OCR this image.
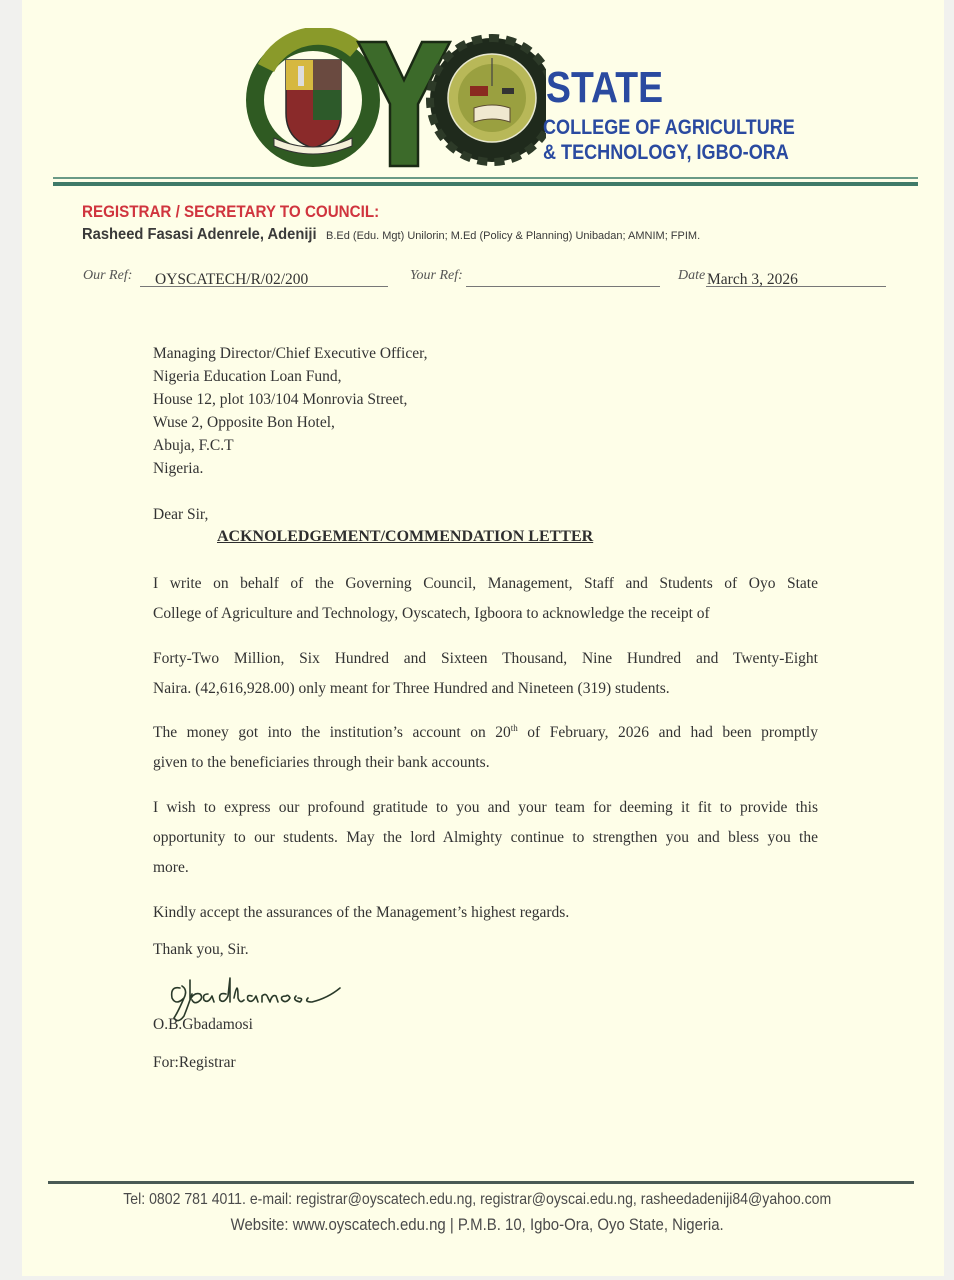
STATE
COLLEGE OF AGRICULTURE
& TECHNOLOGY, IGBO-ORA
REGISTRAR / SECRETARY TO COUNCIL:
Rasheed Fasasi Adenrele, Adeniji B.Ed (Edu. Mgt) Unilorin; M.Ed (Policy & Planning) Unibadan; AMNIM; FPIM.
Our Ref: OYSCATECH/R/02/200	Your Ref:	Date March 3, 2026
Managing Director/Chief Executive Officer,
Nigeria Education Loan Fund,
House 12, plot 103/104 Monrovia Street,
Wuse 2, Opposite Bon Hotel,
Abuja, F.C.T
Nigeria.
Dear Sir,
ACKNOLEDGEMENT/COMMENDATION LETTER
I write on behalf of the Governing Council, Management, Staff and Students of Oyo State
College of Agriculture and Technology, Oyscatech, Igboora to acknowledge the receipt of
Forty-Two Million, Six Hundred and Sixteen Thousand, Nine Hundred and Twenty-Eight
Naira. (42,616,928.00) only meant for Three Hundred and Nineteen (319) students.
The money got into the institution’s account on 20th of February, 2026 and had been promptly
given to the beneficiaries through their bank accounts.
I wish to express our profound gratitude to you and your team for deeming it fit to provide this
opportunity to our students. May the lord Almighty continue to strengthen you and bless you the
more.
Kindly accept the assurances of the Management’s highest regards.
Thank you, Sir.
O.B.Gbadamosi
For:Registrar
Tel: 0802 781 4011. e-mail: registrar@oyscatech.edu.ng, registrar@oyscai.edu.ng, rasheedadeniji84@yahoo.com
Website: www.oyscatech.edu.ng | P.M.B. 10, Igbo-Ora, Oyo State, Nigeria.
